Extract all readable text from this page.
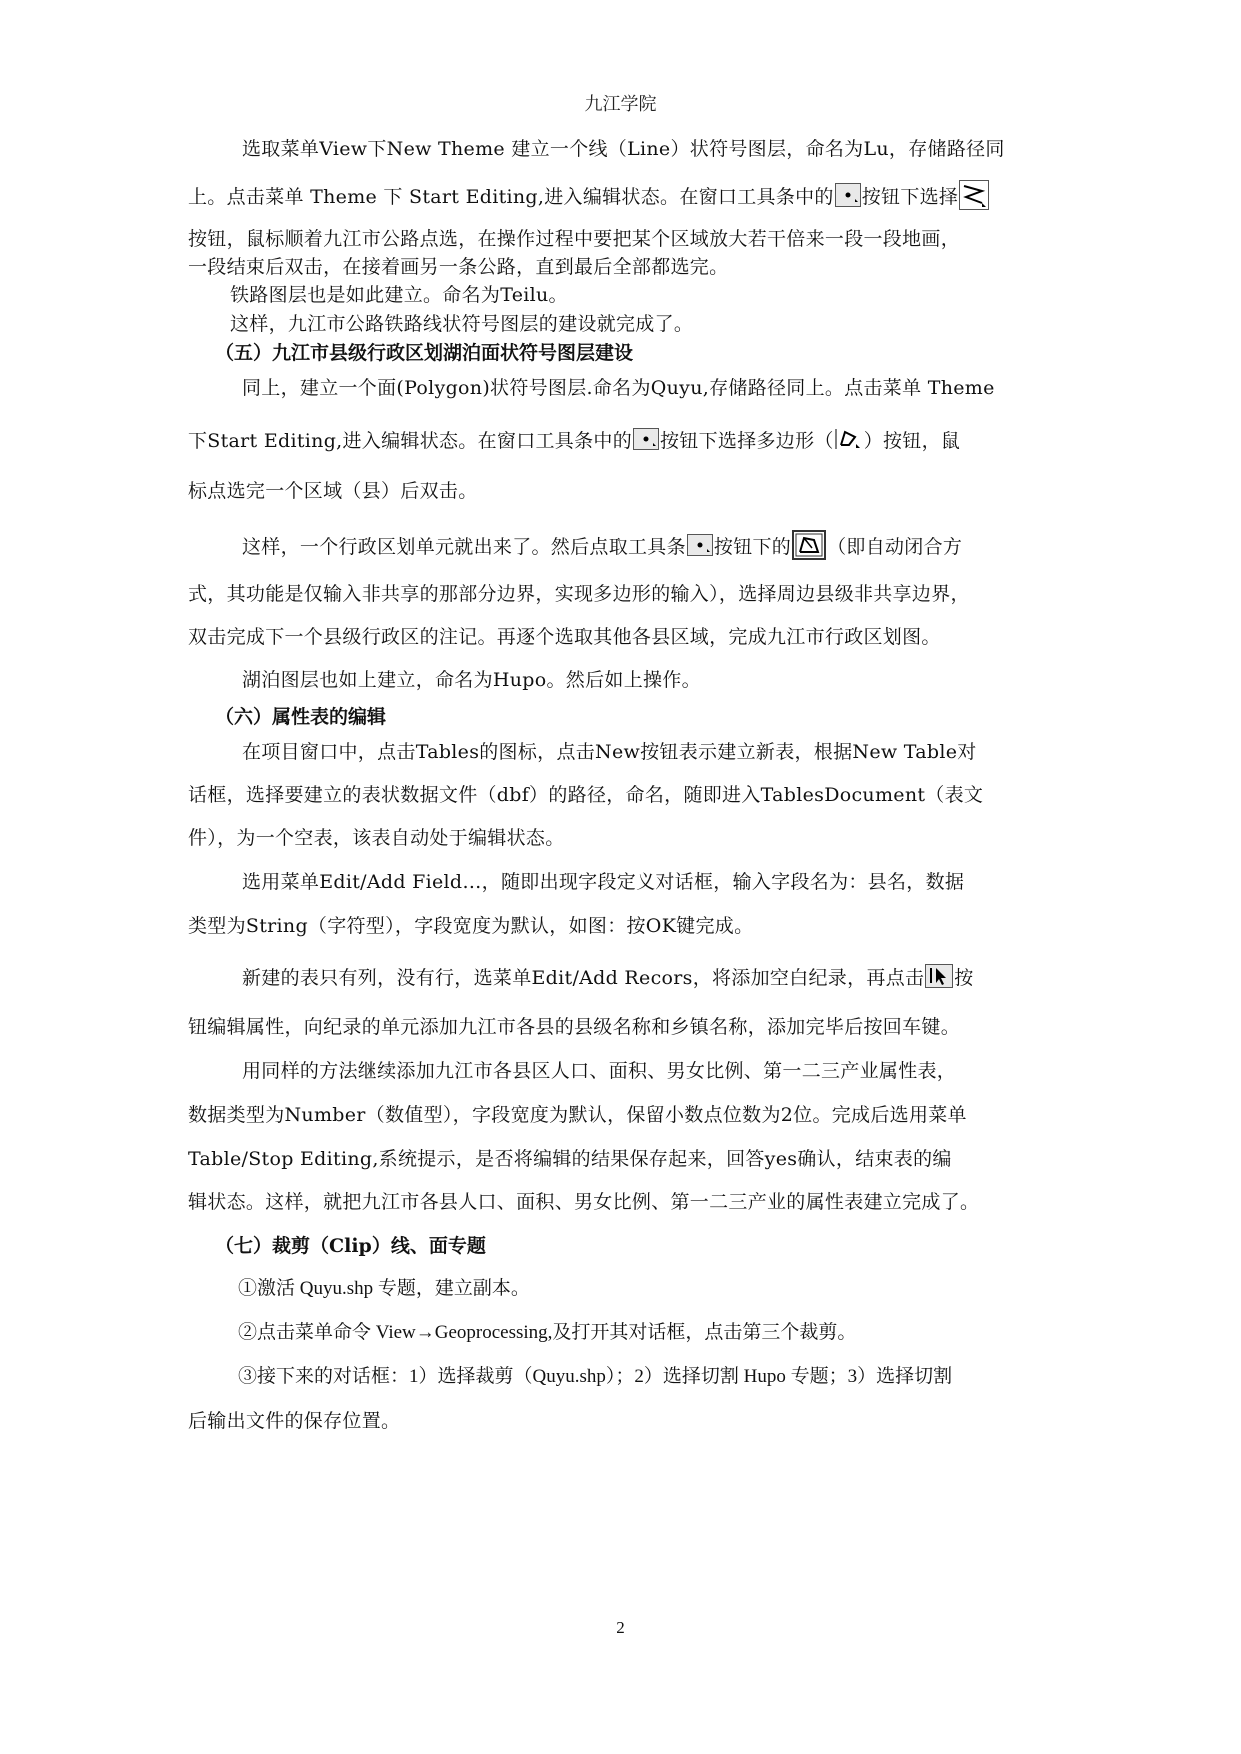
九江学院
选取菜单View下New Theme 建立一个线（Line）状符号图层，命名为Lu，存储路径同
上。点击菜单 Theme 下 Start Editing,进入编辑状态。在窗口工具条中的 按钮下选择
按钮，鼠标顺着九江市公路点选，在操作过程中要把某个区域放大若干倍来一段一段地画，
一段结束后双击，在接着画另一条公路，直到最后全部都选完。
铁路图层也是如此建立。命名为Teilu。
这样，九江市公路铁路线状符号图层的建设就完成了。
（五）九江市县级行政区划湖泊面状符号图层建设
同上，建立一个面(Polygon)状符号图层.命名为Quyu,存储路径同上。点击菜单 Theme
下Start Editing,进入编辑状态。在窗口工具条中的 按钮下选择多边形（ ）按钮，鼠
标点选完一个区域（县）后双击。
这样，一个行政区划单元就出来了。然后点取工具条 按钮下的 （即自动闭合方
式，其功能是仅输入非共享的那部分边界，实现多边形的输入），选择周边县级非共享边界，
双击完成下一个县级行政区的注记。再逐个选取其他各县区域，完成九江市行政区划图。
湖泊图层也如上建立，命名为Hupo。然后如上操作。
（六）属性表的编辑
在项目窗口中，点击Tables的图标，点击New按钮表示建立新表，根据New Table对
话框，选择要建立的表状数据文件（dbf）的路径，命名，随即进入TablesDocument（表文
件），为一个空表，该表自动处于编辑状态。
选用菜单Edit/Add Field…，随即出现字段定义对话框，输入字段名为：县名，数据
类型为String（字符型），字段宽度为默认，如图：按OK键完成。
新建的表只有列，没有行，选菜单Edit/Add Recors，将添加空白纪录，再点击 按
钮编辑属性，向纪录的单元添加九江市各县的县级名称和乡镇名称，添加完毕后按回车键。
用同样的方法继续添加九江市各县区人口、面积、男女比例、第一二三产业属性表，
数据类型为Number（数值型），字段宽度为默认，保留小数点位数为2位。完成后选用菜单
Table/Stop Editing,系统提示，是否将编辑的结果保存起来，回答yes确认，结束表的编
辑状态。这样，就把九江市各县人口、面积、男女比例、第一二三产业的属性表建立完成了。
（七）裁剪（Clip）线、面专题
①激活 Quyu.shp 专题，建立副本。
②点击菜单命令 View→Geoprocessing,及打开其对话框，点击第三个裁剪。
③接下来的对话框：1）选择裁剪（Quyu.shp）；2）选择切割 Hupo 专题；3）选择切割
后输出文件的保存位置。
2
